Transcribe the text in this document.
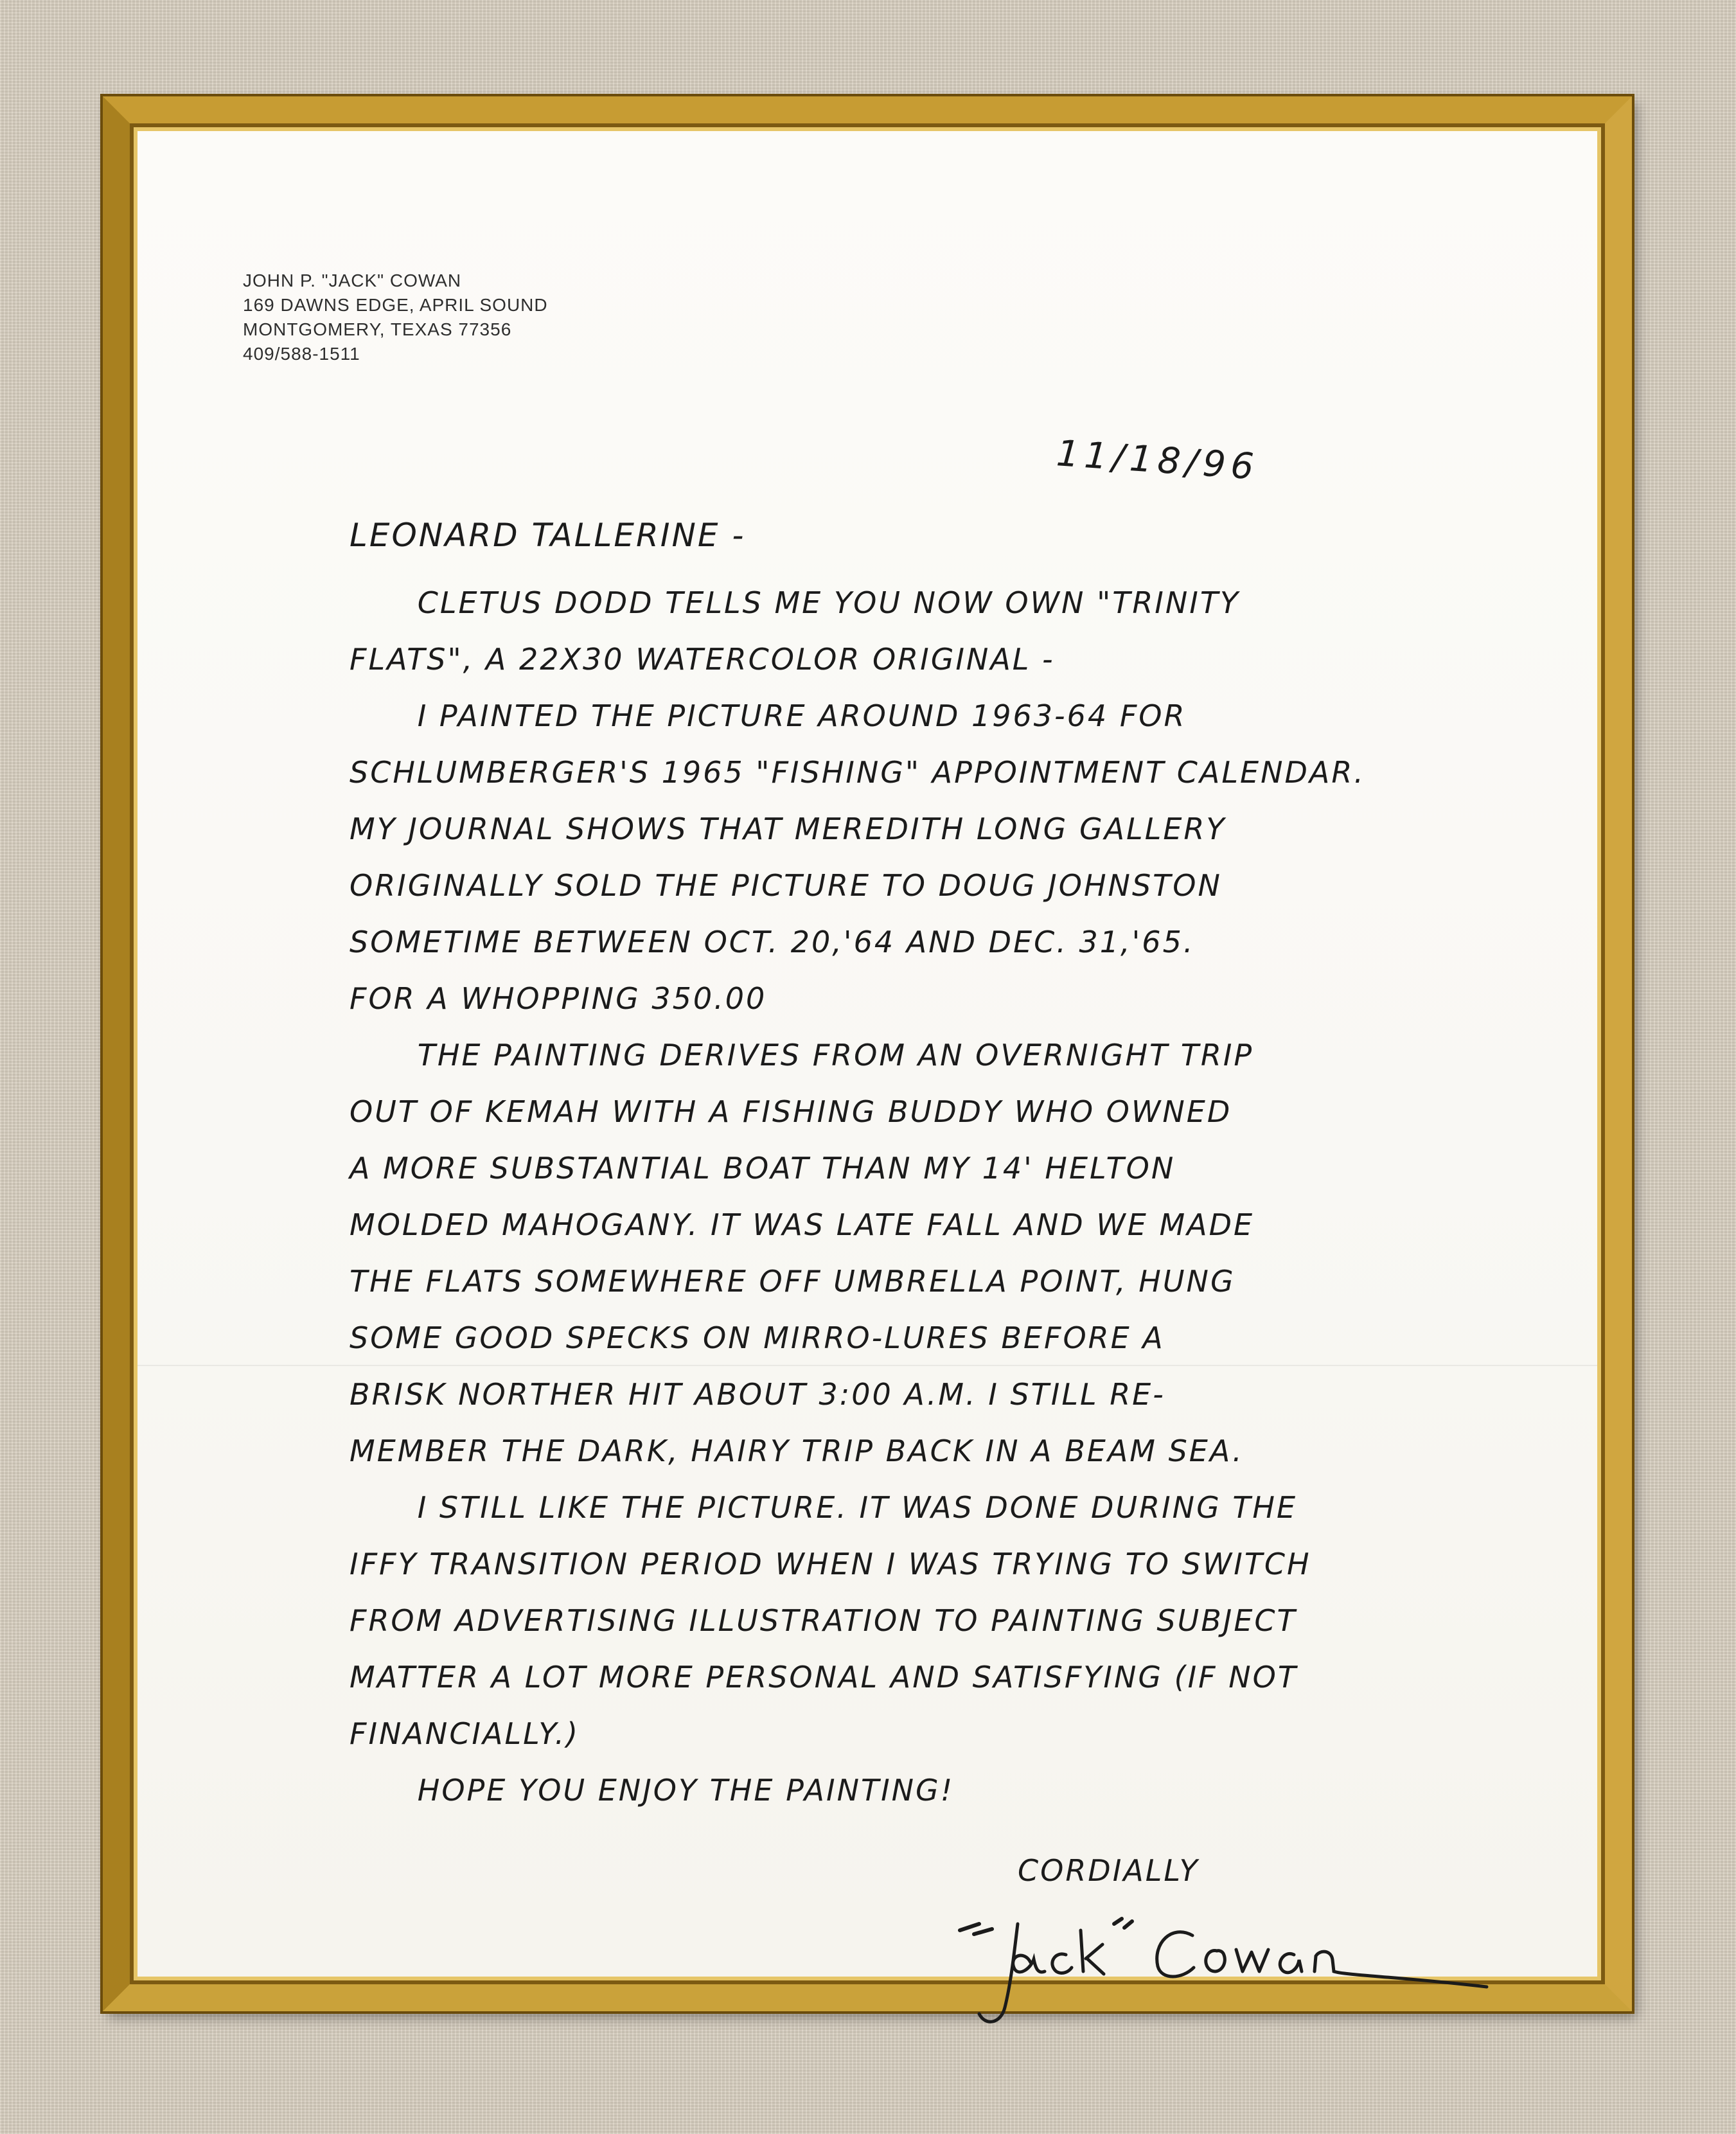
JOHN P. "JACK" COWAN
169 DAWNS EDGE, APRIL SOUND
MONTGOMERY, TEXAS 77356
409/588-1511
11/18/96
LEONARD TALLERINE -
CLETUS DODD TELLS ME YOU NOW OWN "TRINITY
FLATS", A 22X30 WATERCOLOR ORIGINAL -
I PAINTED THE PICTURE AROUND 1963-64 FOR
SCHLUMBERGER'S 1965 "FISHING" APPOINTMENT CALENDAR.
MY JOURNAL SHOWS THAT MEREDITH LONG GALLERY
ORIGINALLY SOLD THE PICTURE TO DOUG JOHNSTON
SOMETIME BETWEEN OCT. 20,'64 AND DEC. 31,'65.
FOR A WHOPPING 350.00
THE PAINTING DERIVES FROM AN OVERNIGHT TRIP
OUT OF KEMAH WITH A FISHING BUDDY WHO OWNED
A MORE SUBSTANTIAL BOAT THAN MY 14' HELTON
MOLDED MAHOGANY. IT WAS LATE FALL AND WE MADE
THE FLATS SOMEWHERE OFF UMBRELLA POINT, HUNG
SOME GOOD SPECKS ON MIRRO-LURES BEFORE A
BRISK NORTHER HIT ABOUT 3:00 A.M. I STILL RE-
MEMBER THE DARK, HAIRY TRIP BACK IN A BEAM SEA.
I STILL LIKE THE PICTURE. IT WAS DONE DURING THE
IFFY TRANSITION PERIOD WHEN I WAS TRYING TO SWITCH
FROM ADVERTISING ILLUSTRATION TO PAINTING SUBJECT
MATTER A LOT MORE PERSONAL AND SATISFYING (IF NOT
FINANCIALLY.)
HOPE YOU ENJOY THE PAINTING!
CORDIALLY
